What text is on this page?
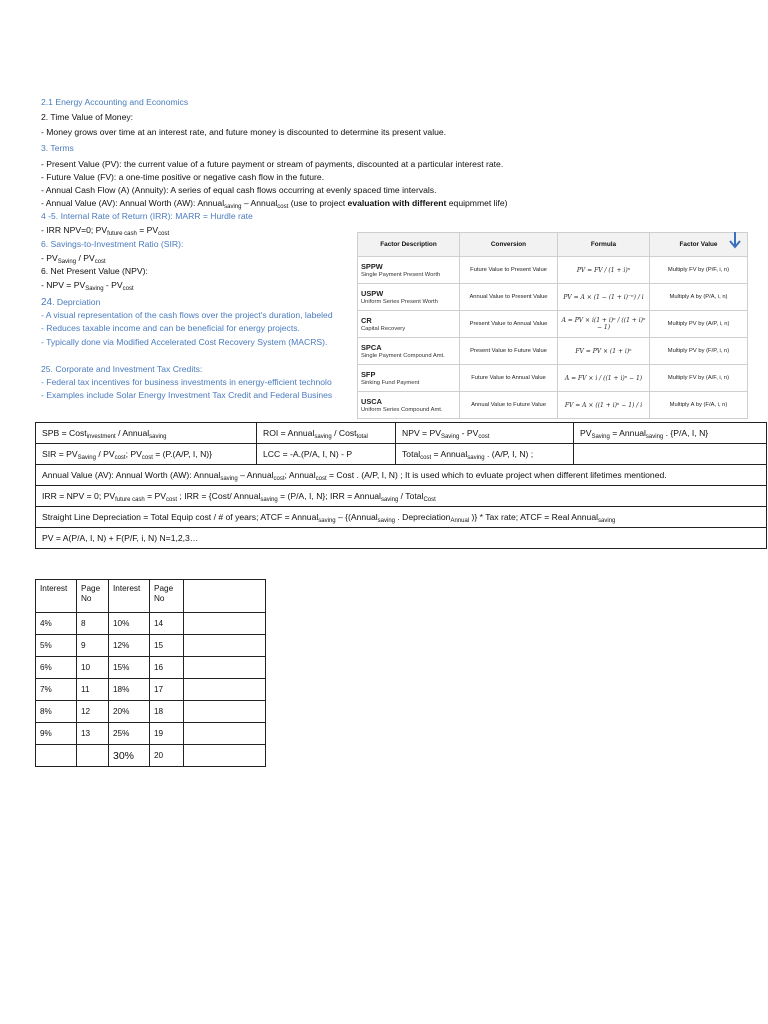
2.1 Energy Accounting and Economics
2. Time Value of Money:
- Money grows over time at an interest rate, and future money is discounted to determine its present value.
3. Terms
- Present Value (PV): the current value of a future payment or stream of payments, discounted at a particular interest rate.
- Future Value (FV): a one-time positive or negative cash flow in the future.
- Annual Cash Flow (A) (Annuity): A series of equal cash flows occurring at evenly spaced time intervals.
- Annual Value (AV): Annual Worth (AW): Annual$_{saving}$ – Annual$_{cost}$ (use to project evaluation with different equipmmet life)
4 -5. Internal Rate of Return (IRR): MARR = Hurdle rate
- IRR NPV=0; $PV_{future cash} = PV_{cost}$
6. Savings-to-Investment Ratio (SIR):
- $PV_{Saving} / PV_{cost}$
6. Net Present Value (NPV):
- NPV = $PV_{Saving} - PV_{cost}$
24. Deprciation
- A visual representation of the cash flows over the project's duration, labeled
- Reduces taxable income and can be beneficial for energy projects.
- Typically done via Modified Accelerated Cost Recovery System (MACRS).
25. Corporate and Investment Tax Credits:
- Federal tax incentives for business investments in energy-efficient technolo
- Examples include Solar Energy Investment Tax Credit and Federal Busines
Factor Description	Conversion	Formula	Factor Value

SPPW
Single Payment Present Worth	Future Value to Present Value	PV = FV / (1 + i)ⁿ	Multiply FV by (P/F, i, n)

USPW
Uniform Series Present Worth	Annual Value to Present Value	PV = A × (1 − (1 + i)⁻ⁿ) / i	Multiply A by (P/A, i, n)

CR
Capital Recovery	Present Value to Annual Value	A = PV × i(1 + i)ⁿ / ((1 + i)ⁿ − 1)	Multiply PV by (A/P, i, n)

SPCA
Single Payment Compound Amt.	Present Value to Future Value	FV = PV × (1 + i)ⁿ	Multiply PV by (F/P, i, n)

SFP
Sinking Fund Payment	Future Value to Annual Value	A = FV × i / ((1 + i)ⁿ − 1)	Multiply FV by (A/F, i, n)

USCA
Uniform Series Compound Amt.	Annual Value to Future Value	FV = A × ((1 + i)ⁿ − 1) / i	Multiply A by (F/A, i, n)
SPB = Cost$_{investment}$ / Annual$_{saving}$	ROI = Annual$_{saving}$ / Cost$_{total}$	NPV = $PV_{Saving} - PV_{cost}$	$PV_{Saving}$ = Annual$_{saving}$ . {P/A, I, N}
SIR = $PV_{Saving} / PV_{cost}$; $PV_{cost} = (P.(A/P$, I, N)}	LCC = -A.(P/A, I, N) - P	Total$_{cost}$ = Annual$_{saving}$ . (A/P, I, N) ;	
Annual Value (AV): Annual Worth (AW): Annual$_{saving}$ – Annual$_{cost}$; Annual$_{cost}$ = Cost . (A/P, I, N) ; It is used which to evluate project when different lifetimes mentioned.			
IRR = NPV = 0; $PV_{future cash} = PV_{cost}$ ; IRR = {Cost/ Annual$_{saving}$ = (P/A, I, N}; IRR = Annual$_{saving}$ / Total$_{Cost}$
Straight Line Depreciation = Total Equip cost / # of years; ATCF = Annual$_{saving}$ – {(Annual$_{saving}$ . Depreciation$_{Annual}$ )} * Tax rate; ATCF = Real Annual$_{saving}$
PV = A(P/A, I, N) + F(P/F, i, N) N=1,2,3…			
Interest	Page No	Interest	Page No	
4%	8	10%	14	
5%	9	12%	15	
6%	10	15%	16	
7%	11	18%	17	
8%	12	20%	18	
9%	13	25%	19	
		30%	20	
